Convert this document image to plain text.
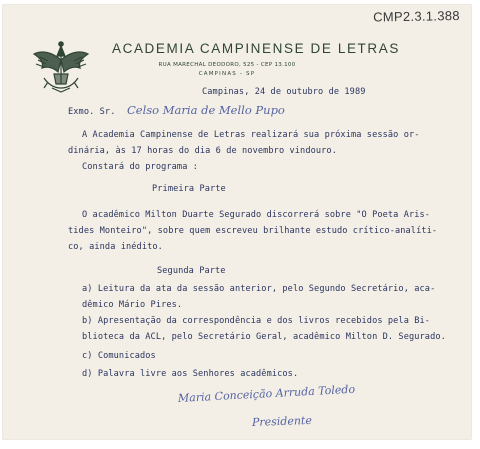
CMP2.3.1.388
ACADEMIA CAMPINENSE DE LETRAS
RUA MARECHAL DEODORO, 525 - CEP 13.100
CAMPINAS - SP
Campinas, 24 de outubro de 1989
Exmo. Sr. Celso Maria de Mello Pupo
A Academia Campinense de Letras realizará sua próxima sessão or-
dinária, às 17 horas do dia 6 de novembro vindouro.
Constará do programa :
Primeira Parte
O acadêmico Milton Duarte Segurado discorrerá sobre "O Poeta Aris-
tides Monteiro", sobre quem escreveu brilhante estudo crítico-analíti-
co, ainda inédito.
Segunda Parte
a) Leitura da ata da sessão anterior, pelo Segundo Secretário, aca-
dêmico Mário Pires.
b) Apresentação da correspondência e dos livros recebidos pela Bi-
blioteca da ACL, pelo Secretário Geral, acadêmico Milton D. Segurado.
c) Comunicados
d) Palavra livre aos Senhores acadêmicos.
Maria Conceição Arruda Toledo
Presidente
